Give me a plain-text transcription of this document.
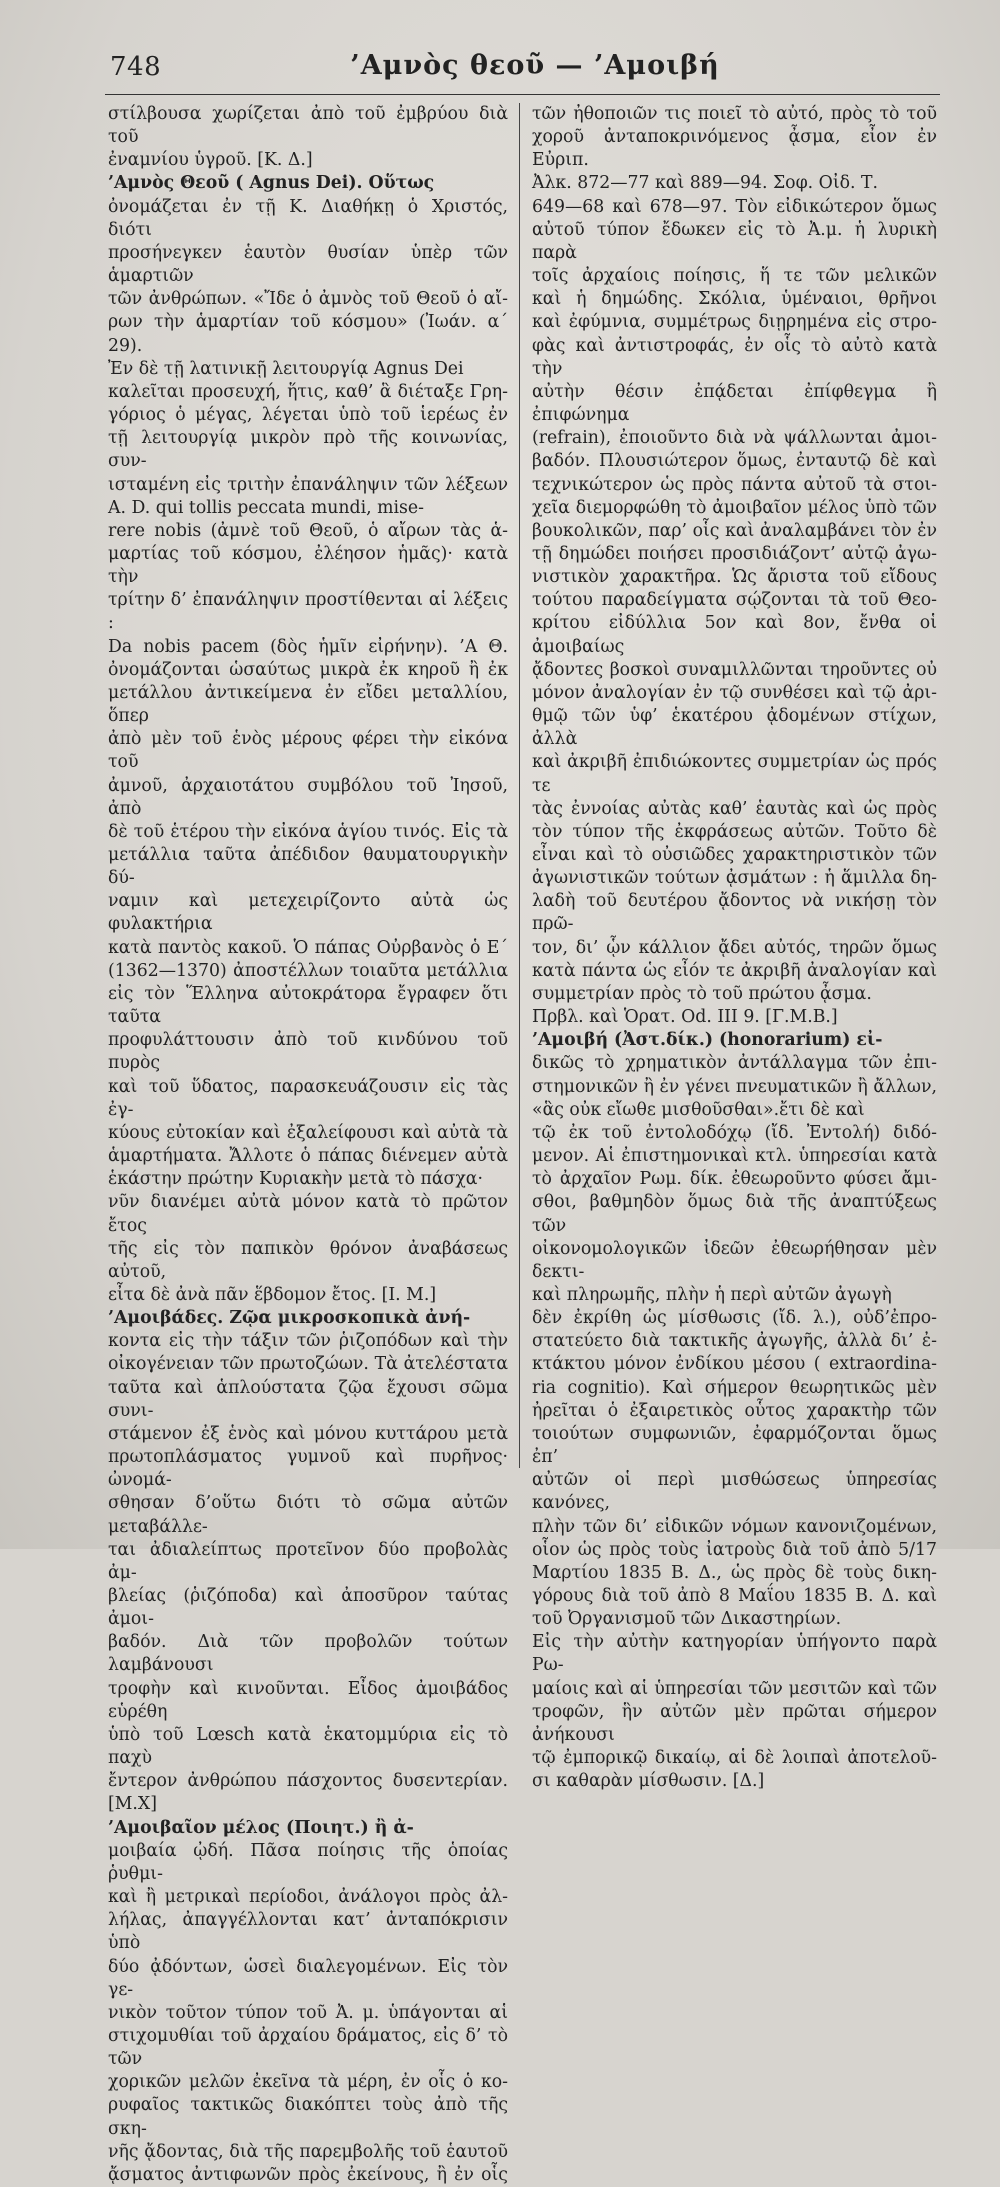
748	’Αμνὸς θεοῦ — ’Αμοιβή
στίλβουσα χωρίζεται ἀπὸ τοῦ ἐμβρύου διὰ τοῦ
ἐναμνίου ὑγροῦ. [Κ. Δ.]
’Αμνὸς Θεοῦ ( Agnus Dei). Οὕτως
ὀνομάζεται ἐν τῇ Κ. Διαθήκῃ ὁ Χριστός, διότι
προσήνεγκεν ἑαυτὸν θυσίαν ὑπὲρ τῶν ἁμαρτιῶν
τῶν ἀνθρώπων. «Ἴδε ὁ ἀμνὸς τοῦ Θεοῦ ὁ αἴ-
ρων τὴν ἁμαρτίαν τοῦ κόσμου» (Ἰωάν. α΄ 29).
Ἐν δὲ τῇ λατινικῇ λειτουργίᾳ Agnus Dei
καλεῖται προσευχή, ἥτις, καθ’ ἃ διέταξε Γρη-
γόριος ὁ μέγας, λέγεται ὑπὸ τοῦ ἱερέως ἐν
τῇ λειτουργίᾳ μικρὸν πρὸ τῆς κοινωνίας, συν-
ισταμένη εἰς τριτὴν ἐπανάληψιν τῶν λέξεων
A. D. qui tollis peccata mundi, mise-
rere nobis (ἀμνὲ τοῦ Θεοῦ, ὁ αἴρων τὰς ἁ-
μαρτίας τοῦ κόσμου, ἐλέησον ἡμᾶς)· κατὰ τὴν
τρίτην δ’ ἐπανάληψιν προστίθενται αἱ λέξεις :
Da nobis pacem (δὸς ἡμῖν εἰρήνην). ’Α Θ.
ὀνομάζονται ὡσαύτως μικρὰ ἐκ κηροῦ ἢ ἐκ
μετάλλου ἀντικείμενα ἐν εἴδει μεταλλίου, ὅπερ
ἀπὸ μὲν τοῦ ἑνὸς μέρους φέρει τὴν εἰκόνα τοῦ
ἀμνοῦ, ἀρχαιοτάτου συμβόλου τοῦ Ἰησοῦ, ἀπὸ
δὲ τοῦ ἑτέρου τὴν εἰκόνα ἁγίου τινός. Εἰς τὰ
μετάλλια ταῦτα ἀπέδιδον θαυματουργικὴν δύ-
ναμιν καὶ μετεχειρίζοντο αὐτὰ ὡς φυλακτήρια
κατὰ παντὸς κακοῦ. Ὁ πάπας Οὐρβανὸς ὁ Ε΄
(1362—1370) ἀποστέλλων τοιαῦτα μετάλλια
εἰς τὸν Ἕλληνα αὐτοκράτορα ἔγραφεν ὅτι ταῦτα
προφυλάττουσιν ἀπὸ τοῦ κινδύνου τοῦ πυρὸς
καὶ τοῦ ὕδατος, παρασκευάζουσιν εἰς τὰς ἐγ-
κύους εὐτοκίαν καὶ ἐξαλείφουσι καὶ αὐτὰ τὰ
ἁμαρτήματα. Ἄλλοτε ὁ πάπας διένεμεν αὐτὰ
ἑκάστην πρώτην Κυριακὴν μετὰ τὸ πάσχα·
νῦν διανέμει αὐτὰ μόνον κατὰ τὸ πρῶτον ἔτος
τῆς εἰς τὸν παπικὸν θρόνον ἀναβάσεως αὐτοῦ,
εἶτα δὲ ἀνὰ πᾶν ἕβδομον ἔτος. [Ι. Μ.]
’Αμοιβάδες. Ζῷα μικροσκοπικὰ ἀνή-
κοντα εἰς τὴν τάξιν τῶν ῥιζοπόδων καὶ τὴν
οἰκογένειαν τῶν πρωτοζώων. Τὰ ἀτελέστατα
ταῦτα καὶ ἁπλούστατα ζῷα ἔχουσι σῶμα συνι-
στάμενον ἐξ ἑνὸς καὶ μόνου κυττάρου μετὰ
πρωτοπλάσματος γυμνοῦ καὶ πυρῆνος· ὠνομά-
σθησαν δ’οὕτω διότι τὸ σῶμα αὐτῶν μεταβάλλε-
ται ἀδιαλείπτως προτεῖνον δύο προβολὰς ἀμ-
βλείας (ῥιζόποδα) καὶ ἀποσῦρον ταύτας ἀμοι-
βαδόν. Διὰ τῶν προβολῶν τούτων λαμβάνουσι
τροφὴν καὶ κινοῦνται. Εἶδος ἀμοιβάδος εὑρέθη
ὑπὸ τοῦ Lœsch κατὰ ἑκατομμύρια εἰς τὸ παχὺ
ἔντερον ἀνθρώπου πάσχοντος δυσεντερίαν.[Μ.Χ]
’Αμοιβαῖον μέλος (Ποιητ.) ἢ ἀ-
μοιβαία ᾠδή. Πᾶσα ποίησις τῆς ὁποίας ῥυθμι-
καὶ ἢ μετρικαὶ περίοδοι, ἀνάλογοι πρὸς ἀλ-
λήλας, ἀπαγγέλλονται κατ’ ἀνταπόκρισιν ὑπὸ
δύο ᾀδόντων, ὡσεὶ διαλεγομένων. Εἰς τὸν γε-
νικὸν τοῦτον τύπον τοῦ Ἀ. μ. ὑπάγονται αἱ
στιχομυθίαι τοῦ ἀρχαίου δράματος, εἰς δ’ τὸ τῶν
χορικῶν μελῶν ἐκεῖνα τὰ μέρη, ἐν οἷς ὁ κο-
ρυφαῖος τακτικῶς διακόπτει τοὺς ἀπὸ τῆς σκη-
νῆς ᾄδοντας, διὰ τῆς παρεμβολῆς τοῦ ἑαυτοῦ
ᾄσματος ἀντιφωνῶν πρὸς ἐκείνους, ἢ ἐν οἷς
τῶν ἠθοποιῶν τις ποιεῖ τὸ αὐτό, πρὸς τὸ τοῦ
χοροῦ ἀνταποκρινόμενος ᾆσμα, εἶον ἐν Εὐριπ.
Ἀλκ. 872—77 καὶ 889—94. Σοφ. Οἰδ. Τ.
649—68 καὶ 678—97. Τὸν εἰδικώτερον ὅμως
αὐτοῦ τύπον ἔδωκεν εἰς τὸ Ἀ.μ. ἡ λυρικὴ παρὰ
τοῖς ἀρχαίοις ποίησις, ἥ τε τῶν μελικῶν
καὶ ἡ δημώδης. Σκόλια, ὑμέναιοι, θρῆνοι
καὶ ἐφύμνια, συμμέτρως διῃρημένα εἰς στρο-
φὰς καὶ ἀντιστροφάς, ἐν οἷς τὸ αὐτὸ κατὰ τὴν
αὐτὴν θέσιν ἐπᾴδεται ἐπίφθεγμα ἢ ἐπιφώνημα
(refrain), ἐποιοῦντο διὰ νὰ ψάλλωνται ἀμοι-
βαδόν. Πλουσιώτερον ὅμως, ἐνταυτῷ δὲ καὶ
τεχνικώτερον ὡς πρὸς πάντα αὐτοῦ τὰ στοι-
χεῖα διεμορφώθη τὸ ἀμοιβαῖον μέλος ὑπὸ τῶν
βουκολικῶν, παρ’ οἷς καὶ ἀναλαμβάνει τὸν ἐν
τῇ δημώδει ποιήσει προσιδιάζοντ’ αὐτῷ ἀγω-
νιστικὸν χαρακτῆρα. Ὡς ἄριστα τοῦ εἴδους
τούτου παραδείγματα σῴζονται τὰ τοῦ Θεο-
κρίτου εἰδύλλια 5ον καὶ 8ον, ἔνθα οἱ ἀμοιβαίως
ᾄδοντες βοσκοὶ συναμιλλῶνται τηροῦντες οὐ
μόνον ἀναλογίαν ἐν τῷ συνθέσει καὶ τῷ ἀρι-
θμῷ τῶν ὑφ’ ἑκατέρου ᾀδομένων στίχων, ἀλλὰ
καὶ ἀκριβῆ ἐπιδιώκοντες συμμετρίαν ὡς πρός τε
τὰς ἐννοίας αὐτὰς καθ’ ἑαυτὰς καὶ ὡς πρὸς
τὸν τύπον τῆς ἐκφράσεως αὐτῶν. Τοῦτο δὲ
εἶναι καὶ τὸ οὐσιῶδες χαρακτηριστικὸν τῶν
ἀγωνιστικῶν τούτων ᾀσμάτων : ἡ ἅμιλλα δη-
λαδὴ τοῦ δευτέρου ᾄδοντος νὰ νικήσῃ τὸν πρῶ-
τον, δι’ ᾧν κάλλιον ᾄδει αὐτός, τηρῶν ὅμως
κατὰ πάντα ὡς εἶόν τε ἀκριβῆ ἀναλογίαν καὶ
συμμετρίαν πρὸς τὸ τοῦ πρώτου ᾆσμα.
Πρβλ. καὶ Ὁρατ. Od. III 9. [Γ.Μ.Β.]
’Αμοιβή (Ἀστ.δίκ.) (honorarium) εἰ-
δικῶς τὸ χρηματικὸν ἀντάλλαγμα τῶν ἐπι-
στημονικῶν ἢ ἐν γένει πνευματικῶν ἢ ἄλλων,
«ἃς οὐκ εἴωθε μισθοῦσθαι».ἔτι δὲ καὶ
τῷ ἐκ τοῦ ἐντολοδόχῳ (ἴδ. Ἐντολή) διδό-
μενον. Αἱ ἐπιστημονικαὶ κτλ. ὑπηρεσίαι κατὰ
τὸ ἀρχαῖον Ρωμ. δίκ. ἐθεωροῦντο φύσει ἄμι-
σθοι, βαθμηδὸν ὅμως διὰ τῆς ἀναπτύξεως τῶν
οἰκονομολογικῶν ἰδεῶν ἐθεωρήθησαν μὲν δεκτι-
καὶ πληρωμῆς, πλὴν ἡ περὶ αὐτῶν ἀγωγὴ
δὲν ἐκρίθη ὡς μίσθωσις (ἴδ. λ.), οὐδ’ἐπρο-
στατεύετο διὰ τακτικῆς ἀγωγῆς, ἀλλὰ δι’ ἐ-
κτάκτου μόνον ἐνδίκου μέσου ( extraordina-
ria cognitio). Καὶ σήμερον θεωρητικῶς μὲν
ἠρεῖται ὁ ἐξαιρετικὸς οὗτος χαρακτὴρ τῶν
τοιούτων συμφωνιῶν, ἐφαρμόζονται ὅμως ἐπ’
αὐτῶν οἱ περὶ μισθώσεως ὑπηρεσίας κανόνες,
πλὴν τῶν δι’ εἰδικῶν νόμων κανονιζομένων,
οἷον ὡς πρὸς τοὺς ἰατροὺς διὰ τοῦ ἀπὸ 5/17
Μαρτίου 1835 Β. Δ., ὡς πρὸς δὲ τοὺς δικη-
γόρους διὰ τοῦ ἀπὸ 8 Μαΐου 1835 Β. Δ. καὶ
τοῦ Ὀργανισμοῦ τῶν Δικαστηρίων.
Εἰς τὴν αὐτὴν κατηγορίαν ὑπήγοντο παρὰ Ρω-
μαίοις καὶ αἱ ὑπηρεσίαι τῶν μεσιτῶν καὶ τῶν
τροφῶν, ἣν αὐτῶν μὲν πρῶται σήμερον ἀνήκουσι
τῷ ἐμπορικῷ δικαίῳ, αἱ δὲ λοιπαὶ ἀποτελοῦ-
σι καθαρὰν μίσθωσιν. [Δ.]
